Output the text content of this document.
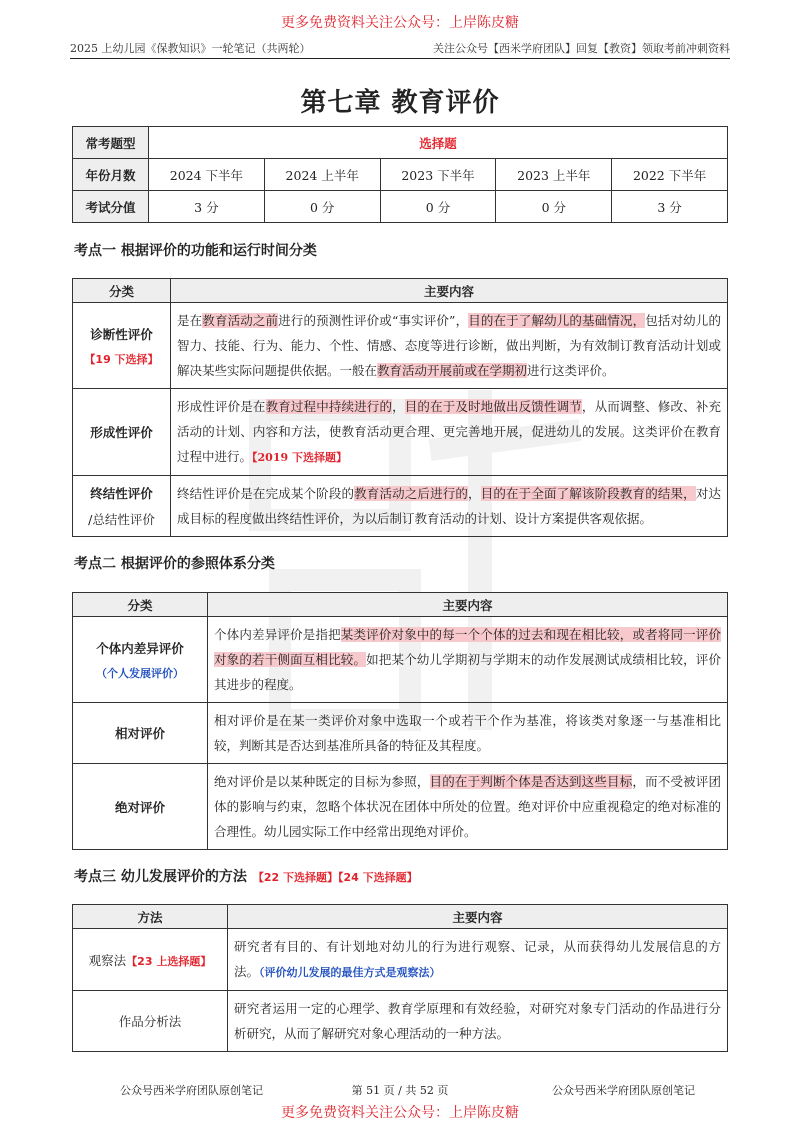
更多免费资料关注公众号：上岸陈皮糖
2025 上幼儿园《保教知识》一轮笔记（共两轮）	关注公众号【西米学府团队】回复【教资】领取考前冲刺资料
第七章 教育评价
常考题型	选择题				
年份月数	2024 下半年	2024 上半年	2023 下半年	2023 上半年	2022 下半年
考试分值	3 分	0 分	0 分	0 分	3 分
考点一 根据评价的功能和运行时间分类
分类	主要内容
诊断性评价
【19 下选择】	是在教育活动之前进行的预测性评价或“事实评价”，目的在于了解幼儿的基础情况，包括对幼儿的智力、技能、行为、能力、个性、情感、态度等进行诊断，做出判断，为有效制订教育活动计划或解决某些实际问题提供依据。一般在教育活动开展前或在学期初进行这类评价。
形成性评价	形成性评价是在教育过程中持续进行的，目的在于及时地做出反馈性调节，从而调整、修改、补充活动的计划、内容和方法，使教育活动更合理、更完善地开展，促进幼儿的发展。这类评价在教育过程中进行。【2019 下选择题】
终结性评价
/总结性评价	终结性评价是在完成某个阶段的教育活动之后进行的，目的在于全面了解该阶段教育的结果，对达成目标的程度做出终结性评价，为以后制订教育活动的计划、设计方案提供客观依据。
考点二 根据评价的参照体系分类
分类	主要内容
个体内差异评价
（个人发展评价）	个体内差异评价是指把某类评价对象中的每一个个体的过去和现在相比较，或者将同一评价对象的若干侧面互相比较。如把某个幼儿学期初与学期末的动作发展测试成绩相比较，评价其进步的程度。
相对评价	相对评价是在某一类评价对象中选取一个或若干个作为基准，将该类对象逐一与基准相比较，判断其是否达到基准所具备的特征及其程度。
绝对评价	绝对评价是以某种既定的目标为参照，目的在于判断个体是否达到这些目标，而不受被评团体的影响与约束，忽略个体状况在团体中所处的位置。绝对评价中应重视稳定的绝对标准的合理性。幼儿园实际工作中经常出现绝对评价。
考点三 幼儿发展评价的方法 【22 下选择题】【24 下选择题】
方法	主要内容
观察法【23 上选择题】	研究者有目的、有计划地对幼儿的行为进行观察、记录，从而获得幼儿发展信息的方法。（评价幼儿发展的最佳方式是观察法）
作品分析法	研究者运用一定的心理学、教育学原理和有效经验，对研究对象专门活动的作品进行分析研究，从而了解研究对象心理活动的一种方法。
公众号西米学府团队原创笔记	第 51 页 / 共 52 页	公众号西米学府团队原创笔记
更多免费资料关注公众号：上岸陈皮糖
